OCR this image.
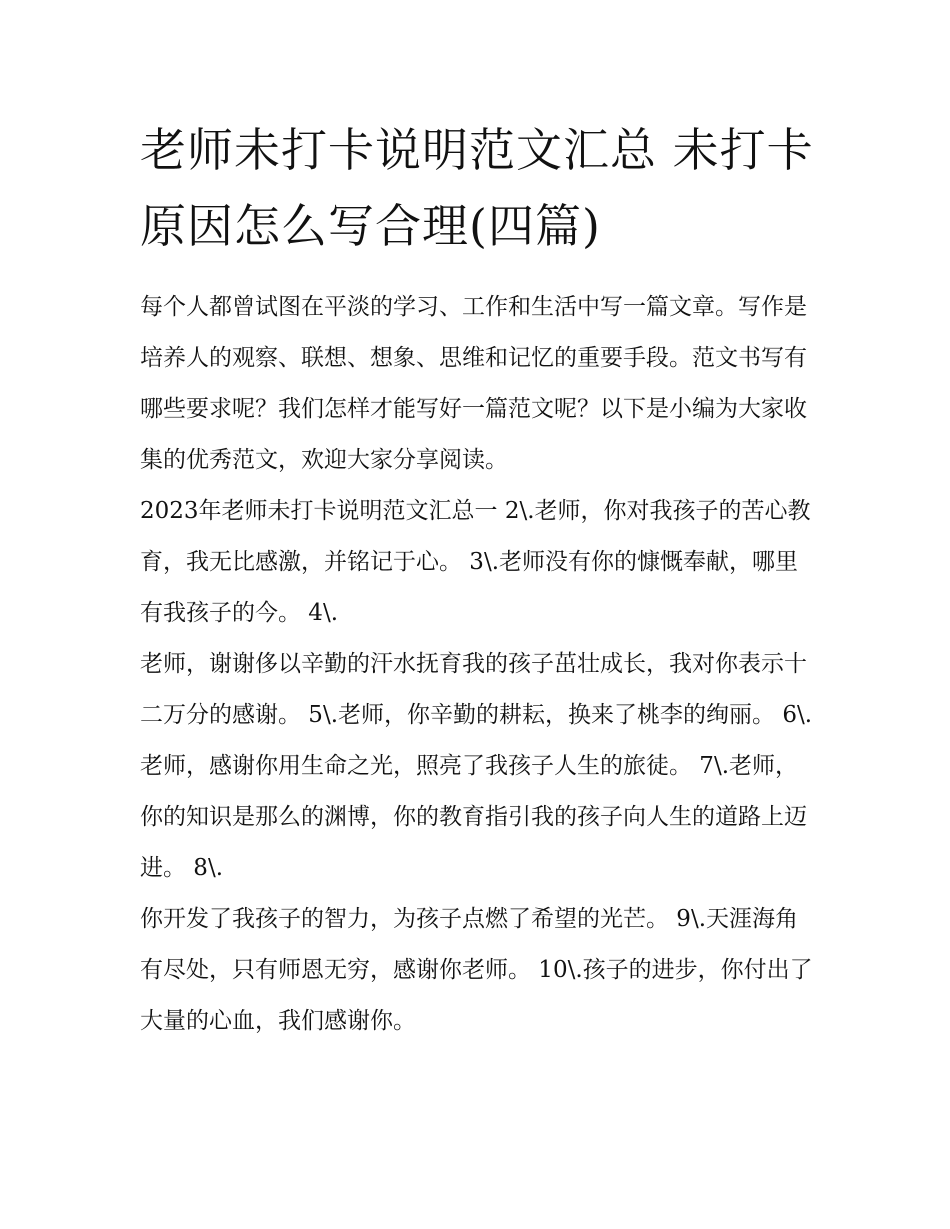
老师未打卡说明范文汇总 未打卡原因怎么写合理(四篇)

每个人都曾试图在平淡的学习、工作和生活中写一篇文章。写作是培养人的观察、联想、想象、思维和记忆的重要手段。范文书写有哪些要求呢？我们怎样才能写好一篇范文呢？以下是小编为大家收集的优秀范文，欢迎大家分享阅读。

2023年老师未打卡说明范文汇总一 2\.老师，你对我孩子的苦心教育，我无比感激，并铭记于心。 3\.老师没有你的慷慨奉献，哪里有我孩子的今。 4\.

老师，谢谢侈以辛勤的汗水抚育我的孩子茁壮成长，我对你表示十二万分的感谢。 5\.老师，你辛勤的耕耘，换来了桃李的绚丽。 6\.

老师，感谢你用生命之光，照亮了我孩子人生的旅徒。 7\.老师，你的知识是那么的渊博，你的教育指引我的孩子向人生的道路上迈进。 8\.

你开发了我孩子的智力，为孩子点燃了希望的光芒。 9\.天涯海角有尽处，只有师恩无穷，感谢你老师。 10\.孩子的进步，你付出了大量的心血，我们感谢你。
